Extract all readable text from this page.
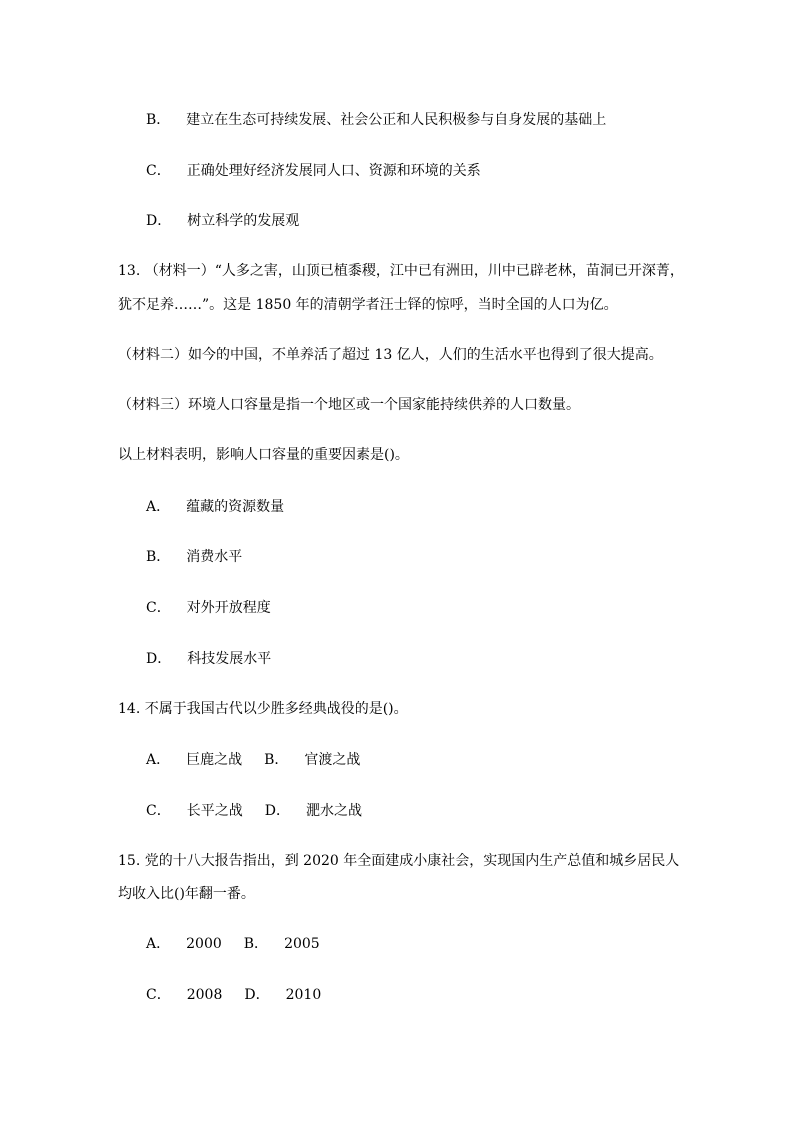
B． 建立在生态可持续发展、社会公正和人民积极参与自身发展的基础上
C． 正确处理好经济发展同人口、资源和环境的关系
D． 树立科学的发展观

13. （材料一）“人多之害，山顶已植黍稷，江中已有洲田，川中已辟老林，苗洞已开深菁，

犹不足养……”。这是 1850 年的清朝学者汪士铎的惊呼，当时全国的人口为亿。

（材料二）如今的中国，不单养活了超过 13 亿人，人们的生活水平也得到了很大提高。

（材料三）环境人口容量是指一个地区或一个国家能持续供养的人口数量。

以上材料表明，影响人口容量的重要因素是()。

A． 蕴藏的资源数量
B． 消费水平
C． 对外开放程度
D． 科技发展水平

14. 不属于我国古代以少胜多经典战役的是()。

A． 巨鹿之战 B． 官渡之战
C． 长平之战 D． 淝水之战

15. 党的十八大报告指出，到 2020 年全面建成小康社会，实现国内生产总值和城乡居民人

均收入比()年翻一番。

A． 2000 B． 2005
C． 2008 D． 2010
